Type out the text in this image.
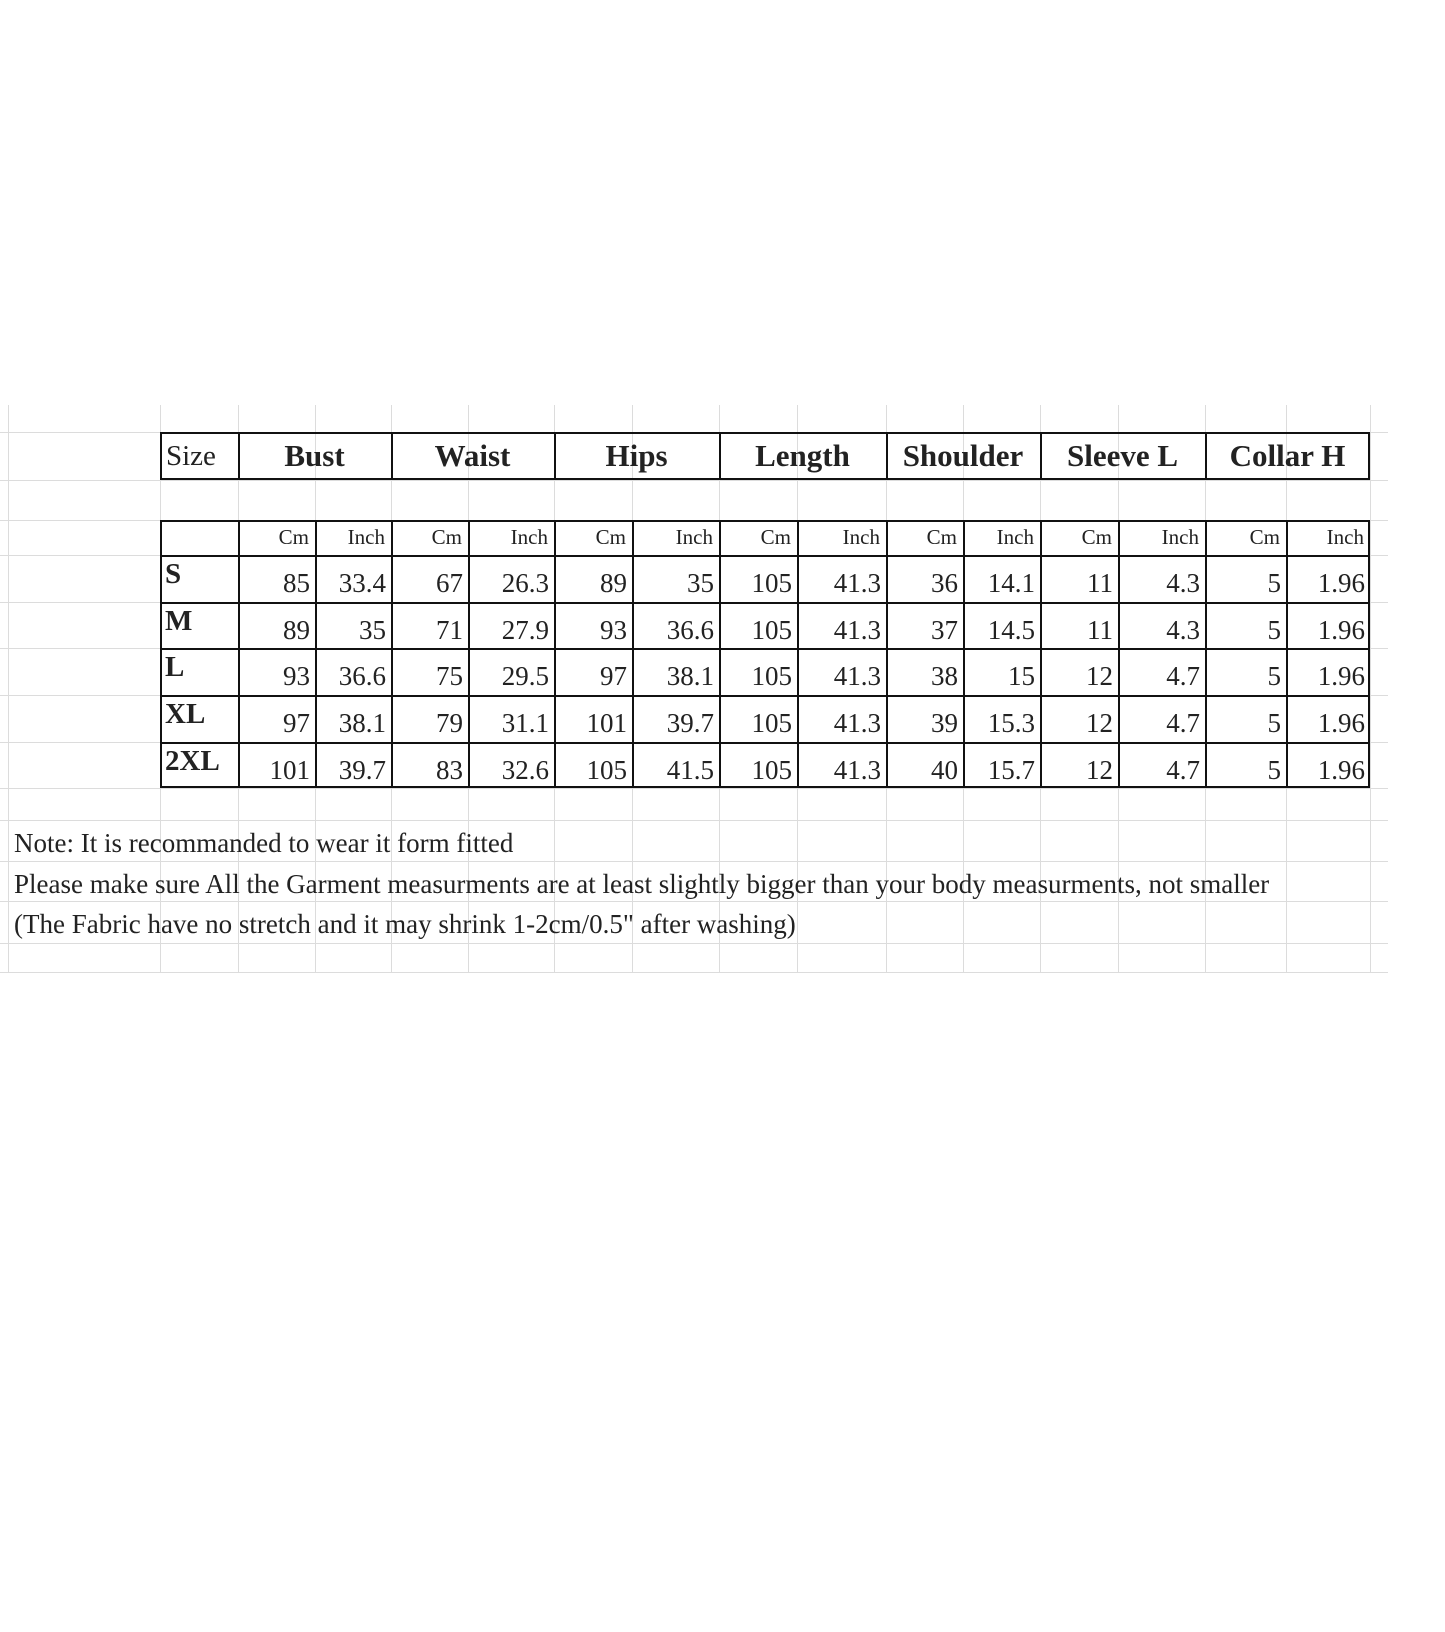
Size	Bust	Waist	Hips	Length	Shoulder	Sleeve L	Collar H
Cm	Inch	Cm	Inch	Cm	Inch	Cm	Inch	Cm	Inch	Cm	Inch	Cm	Inch
S	85	33.4	67	26.3	89	35	105	41.3	36	14.1	11	4.3	5	1.96
M	89	35	71	27.9	93	36.6	105	41.3	37	14.5	11	4.3	5	1.96
L	93	36.6	75	29.5	97	38.1	105	41.3	38	15	12	4.7	5	1.96
XL	97	38.1	79	31.1	101	39.7	105	41.3	39	15.3	12	4.7	5	1.96
2XL	101	39.7	83	32.6	105	41.5	105	41.3	40	15.7	12	4.7	5	1.96
Note: It is recommanded to wear it form fitted
Please make sure All the Garment measurments are at least slightly bigger than your body measurments, not smaller
(The Fabric have no stretch and it may shrink 1-2cm/0.5" after washing)
